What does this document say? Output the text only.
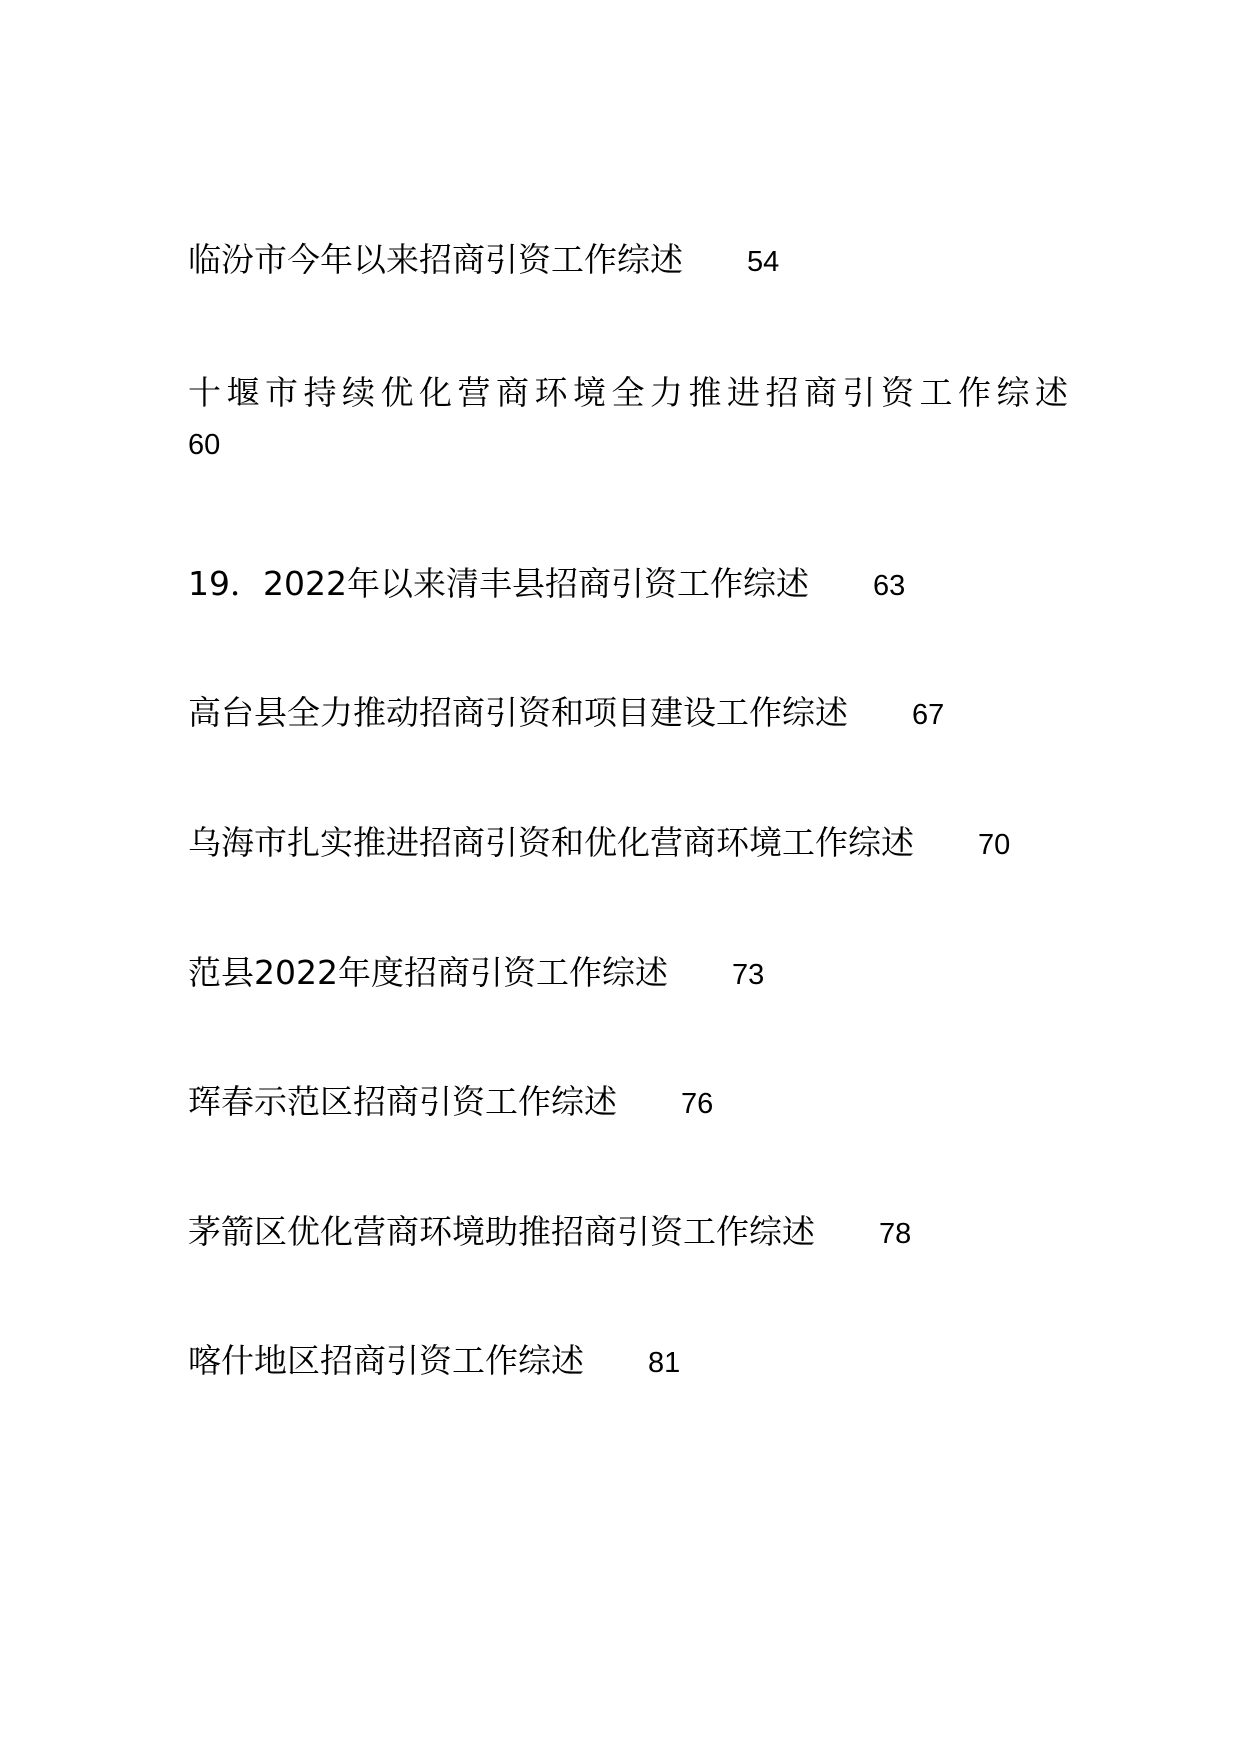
临汾市今年以来招商引资工作综述 54
十堰市持续优化营商环境全力推进招商引资工作综述
60
19．2022年以来清丰县招商引资工作综述 63
高台县全力推动招商引资和项目建设工作综述 67
乌海市扎实推进招商引资和优化营商环境工作综述 70
范县2022年度招商引资工作综述 73
珲春示范区招商引资工作综述 76
茅箭区优化营商环境助推招商引资工作综述 78
喀什地区招商引资工作综述 81
